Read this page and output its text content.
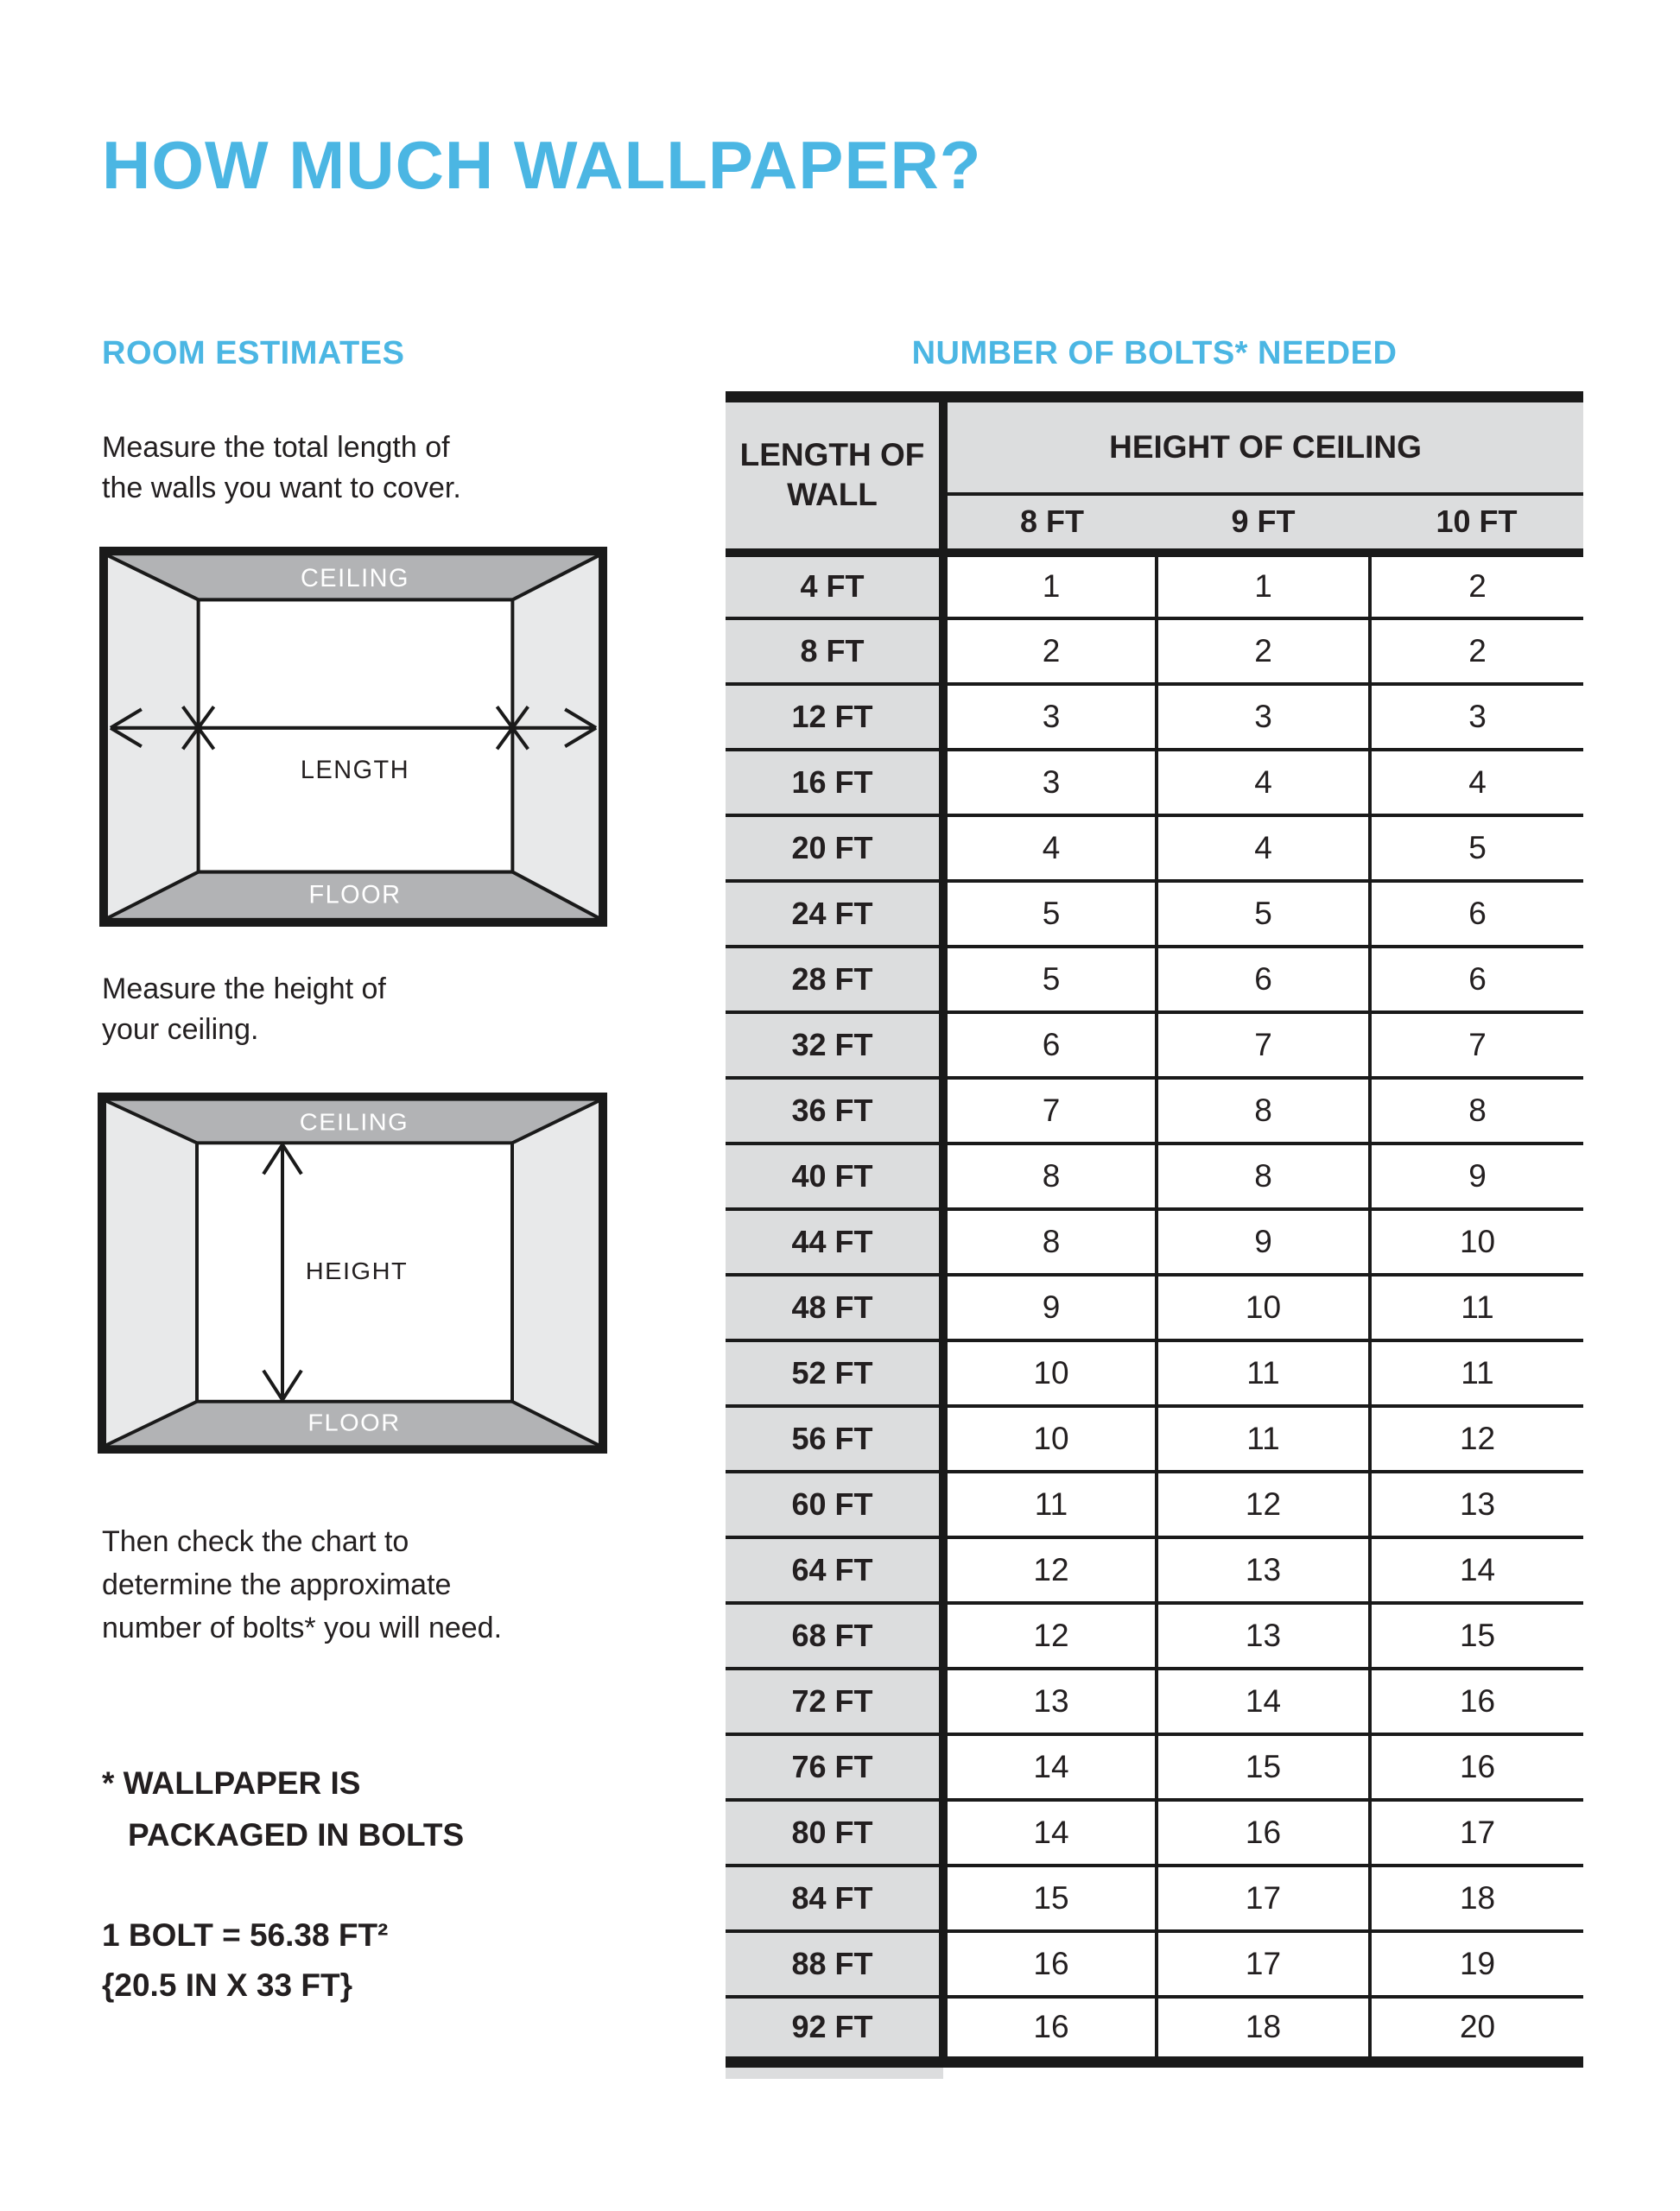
HOW MUCH WALLPAPER?
ROOM ESTIMATES	NUMBER OF BOLTS* NEEDED

Measure the total length of
the walls you want to cover.

CEILING
FLOOR
LENGTH

Measure the height of
your ceiling.

CEILING
FLOOR
HEIGHT

Then check the chart to
determine the approximate
number of bolts* you will need.

* WALLPAPER IS
PACKAGED IN BOLTS

1 BOLT = 56.38 FT²
{20.5 IN X 33 FT}

LENGTH OF WALL	HEIGHT OF CEILING		
	8 FT	9 FT	10 FT
4 FT	1	1	2
8 FT	2	2	2
12 FT	3	3	3
16 FT	3	4	4
20 FT	4	4	5
24 FT	5	5	6
28 FT	5	6	6
32 FT	6	7	7
36 FT	7	8	8
40 FT	8	8	9
44 FT	8	9	10
48 FT	9	10	11
52 FT	10	11	11
56 FT	10	11	12
60 FT	11	12	13
64 FT	12	13	14
68 FT	12	13	15
72 FT	13	14	16
76 FT	14	15	16
80 FT	14	16	17
84 FT	15	17	18
88 FT	16	17	19
92 FT	16	18	20
